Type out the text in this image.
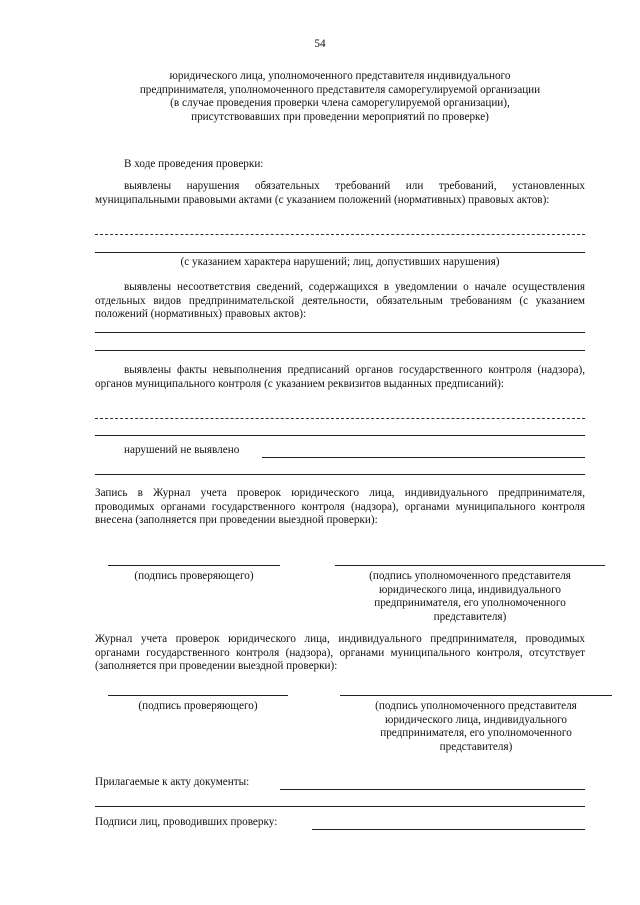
54

юридического лица, уполномоченного представителя индивидуального

предпринимателя, уполномоченного представителя саморегулируемой организации

(в случае проведения проверки члена саморегулируемой организации),

присутствовавших при проведении мероприятий по проверке)

В ходе проведения проверки:

выявлены нарушения обязательных требований или требований, установленных муниципальными правовыми актами (с указанием положений (нормативных) правовых актов):

(с указанием характера нарушений; лиц, допустивших нарушения)

выявлены несоответствия сведений, содержащихся в уведомлении о начале осуществления отдельных видов предпринимательской деятельности, обязательным требованиям (с указанием положений (нормативных) правовых актов):

выявлены факты невыполнения предписаний органов государственного контроля (надзора), органов муниципального контроля (с указанием реквизитов выданных предписаний):

нарушений не выявлено

Запись в Журнал учета проверок юридического лица, индивидуального предпринимателя, проводимых органами государственного контроля (надзора), органами муниципального контроля внесена (заполняется при проведении выездной проверки):

(подпись проверяющего)	(подпись уполномоченного представителя

юридического лица, индивидуального

предпринимателя, его уполномоченного

представителя)

Журнал учета проверок юридического лица, индивидуального предпринимателя, проводимых органами государственного контроля (надзора), органами муниципального контроля, отсутствует (заполняется при проведении выездной проверки):

(подпись проверяющего)	(подпись уполномоченного представителя

юридического лица, индивидуального

предпринимателя, его уполномоченного

представителя)

Прилагаемые к акту документы:
Подписи лиц, проводивших проверку:
